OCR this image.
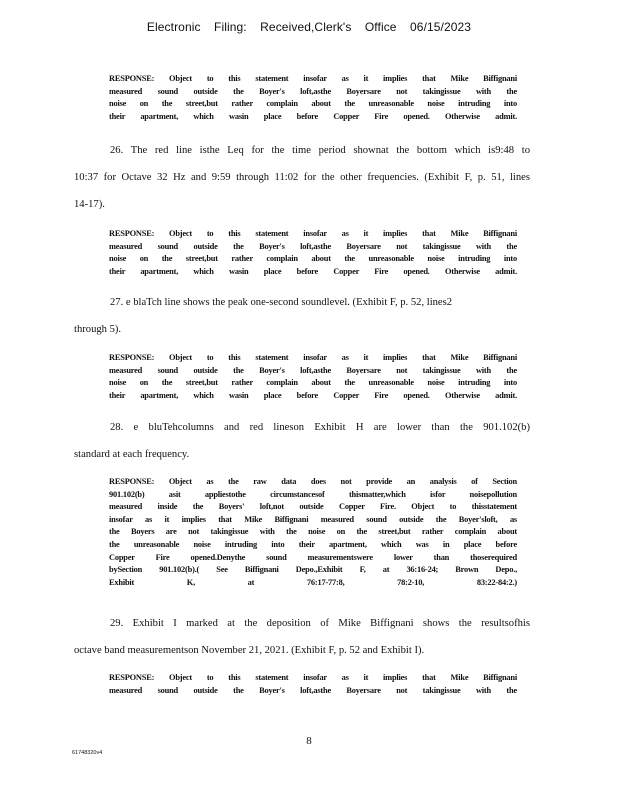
Electronic Filing: Received,Clerk's Office 06/15/2023
RESPONSE: Object to this statement insofar as it implies that Mike Biffignani
measured sound outside the Boyer's loft,asthe Boyersare not takingissue with the
noise on the street,but rather complain about the unreasonable noise intruding into
their apartment, which wasin place before Copper Fire opened. Otherwise admit.
26. The red line isthe Leq for the time period shownat the bottom which is9:48 to
10:37 for Octave 32 Hz and 9:59 through 11:02 for the other frequencies. (Exhibit F, p. 51, lines
14-17).
RESPONSE: Object to this statement insofar as it implies that Mike Biffignani
measured sound outside the Boyer's loft,asthe Boyersare not takingissue with the
noise on the street,but rather complain about the unreasonable noise intruding into
their apartment, which wasin place before Copper Fire opened. Otherwise admit.
27. e blaTch line shows the peak one-second soundlevel. (Exhibit F, p. 52, lines2
through 5).
RESPONSE: Object to this statement insofar as it implies that Mike Biffignani
measured sound outside the Boyer's loft,asthe Boyersare not takingissue with the
noise on the street,but rather complain about the unreasonable noise intruding into
their apartment, which wasin place before Copper Fire opened. Otherwise admit.
28. e bluTehcolumns and red lineson Exhibit H are lower than the 901.102(b)
standard at each frequency.
RESPONSE: Object as the raw data does not provide an analysis of Section
901.102(b) asit appliestothe circumstancesof thismatter,which isfor noisepollution
measured inside the Boyers' loft,not outside Copper Fire. Object to thisstatement
insofar as it implies that Mike Biffignani measured sound outside the Boyer'sloft, as
the Boyers are not takingissue with the noise on the street,but rather complain about
the unreasonable noise intruding into their apartment, which was in place before
Copper Fire opened.Denythe sound measurementswere lower than thoserequired
bySection 901.102(b).( See Biffignani Depo.,Exhibit F, at 36:16-24; Brown Depo.,
Exhibit K, at 76:17-77:8, 78:2-10, 83:22-84:2.)
29. Exhibit I marked at the deposition of Mike Biffignani shows the resultsofhis
octave band measurementson November 21, 2021. (Exhibit F, p. 52 and Exhibit I).
RESPONSE: Object to this statement insofar as it implies that Mike Biffignani
measured sound outside the Boyer's loft,asthe Boyersare not takingissue with the
8
61748320v4
